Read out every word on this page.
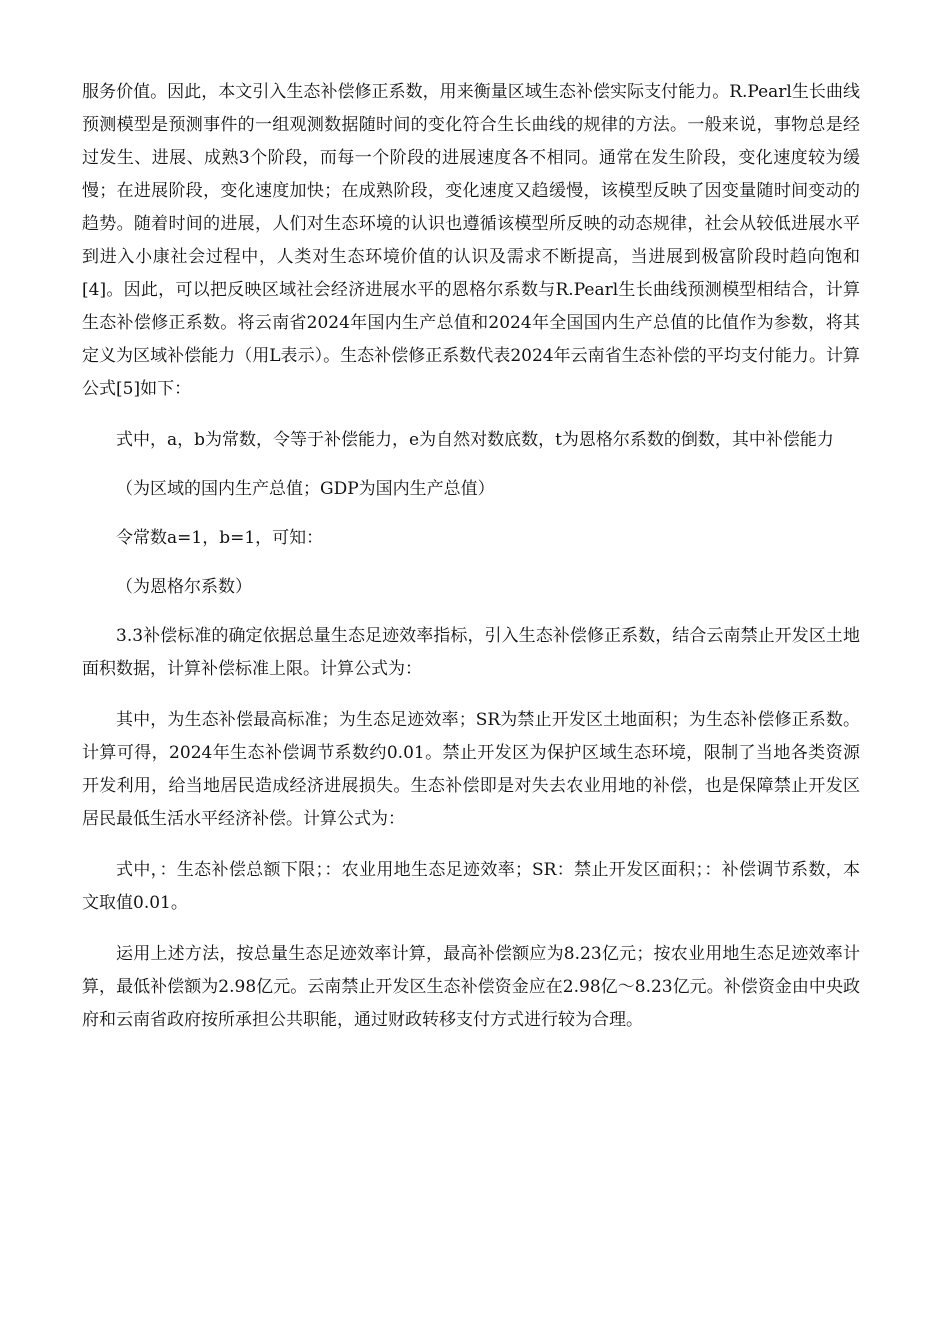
服务价值。因此，本文引入生态补偿修正系数，用来衡量区域生态补偿实际支付能力。R.Pearl生长曲线预测模型是预测事件的一组观测数据随时间的变化符合生长曲线的规律的方法。一般来说，事物总是经过发生、进展、成熟3个阶段，而每一个阶段的进展速度各不相同。通常在发生阶段，变化速度较为缓慢；在进展阶段，变化速度加快；在成熟阶段，变化速度又趋缓慢，该模型反映了因变量随时间变动的趋势。随着时间的进展，人们对生态环境的认识也遵循该模型所反映的动态规律，社会从较低进展水平到进入小康社会过程中，人类对生态环境价值的认识及需求不断提高，当进展到极富阶段时趋向饱和[4]。因此，可以把反映区域社会经济进展水平的恩格尔系数与R.Pearl生长曲线预测模型相结合，计算生态补偿修正系数。将云南省2024年国内生产总值和2024年全国国内生产总值的比值作为参数，将其定义为区域补偿能力（用L表示）。生态补偿修正系数代表2024年云南省生态补偿的平均支付能力。计算公式[5]如下：

式中，a，b为常数，令等于补偿能力，e为自然对数底数，t为恩格尔系数的倒数，其中补偿能力

（为区域的国内生产总值；GDP为国内生产总值）

令常数a=1，b=1，可知：

（为恩格尔系数）

3.3补偿标准的确定依据总量生态足迹效率指标，引入生态补偿修正系数，结合云南禁止开发区土地面积数据，计算补偿标准上限。计算公式为：

其中，为生态补偿最高标准；为生态足迹效率；SR为禁止开发区土地面积；为生态补偿修正系数。计算可得，2024年生态补偿调节系数约0.01。禁止开发区为保护区域生态环境，限制了当地各类资源开发利用，给当地居民造成经济进展损失。生态补偿即是对失去农业用地的补偿，也是保障禁止开发区居民最低生活水平经济补偿。计算公式为：

式中，：生态补偿总额下限；：农业用地生态足迹效率；SR：禁止开发区面积；：补偿调节系数，本文取值0.01。

运用上述方法，按总量生态足迹效率计算，最高补偿额应为8.23亿元；按农业用地生态足迹效率计算，最低补偿额为2.98亿元。云南禁止开发区生态补偿资金应在2.98亿～8.23亿元。补偿资金由中央政府和云南省政府按所承担公共职能，通过财政转移支付方式进行较为合理。
